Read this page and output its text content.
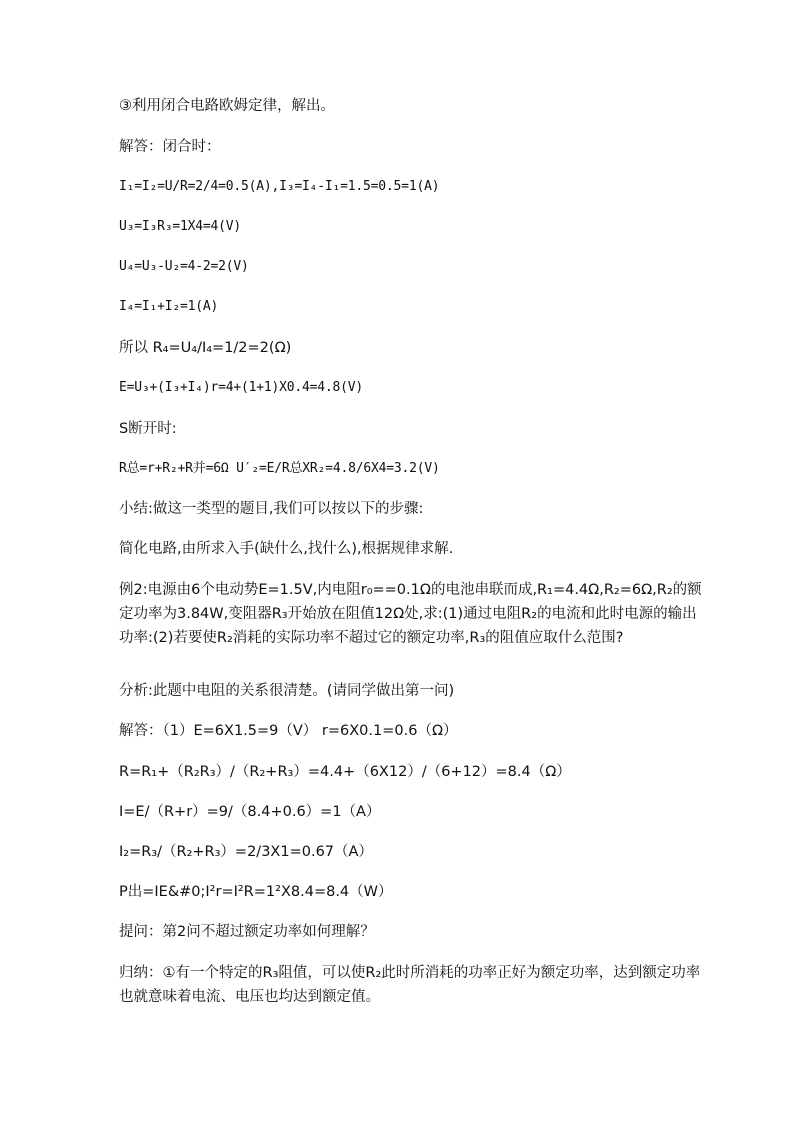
③利用闭合电路欧姆定律，解出。
解答：闭合时：
I₁=I₂=U/R=2/4=0.5(A),I₃=I₄-I₁=1.5=0.5=1(A)
U₃=I₃R₃=1X4=4(V)
U₄=U₃-U₂=4-2=2(V)
I₄=I₁+I₂=1(A)
所以 R₄=U₄/I₄=1/2=2(Ω)
E=U₃+(I₃+I₄)r=4+(1+1)X0.4=4.8(V)
S断开时:
R总=r+R₂+R并=6Ω U′₂=E/R总XR₂=4.8/6X4=3.2(V)
小结:做这一类型的题目,我们可以按以下的步骤:
简化电路,由所求入手(缺什么,找什么),根据规律求解.
例2:电源由6个电动势E=1.5V,内电阻r₀==0.1Ω的电池串联而成,R₁=4.4Ω,R₂=6Ω,R₂的额定功率为3.84W,变阻器R₃开始放在阻值12Ω处,求:(1)通过电阻R₂的电流和此时电源的输出功率:(2)若要使R₂消耗的实际功率不超过它的额定功率,R₃的阻值应取什么范围?
分析:此题中电阻的关系很清楚。(请同学做出第一问)
解答：（1）E=6X1.5=9（V） r=6X0.1=0.6（Ω）
R=R₁+（R₂R₃）/（R₂+R₃）=4.4+（6X12）/（6+12）=8.4（Ω）
I=E/（R+r）=9/（8.4+0.6）=1（A）
I₂=R₃/（R₂+R₃）=2/3X1=0.67（A）
P出=IE&#0;I²r=I²R=1²X8.4=8.4（W）
提问：第2问不超过额定功率如何理解？
归纳：①有一个特定的R₃阻值，可以使R₂此时所消耗的功率正好为额定功率，达到额定功率也就意味着电流、电压也均达到额定值。
